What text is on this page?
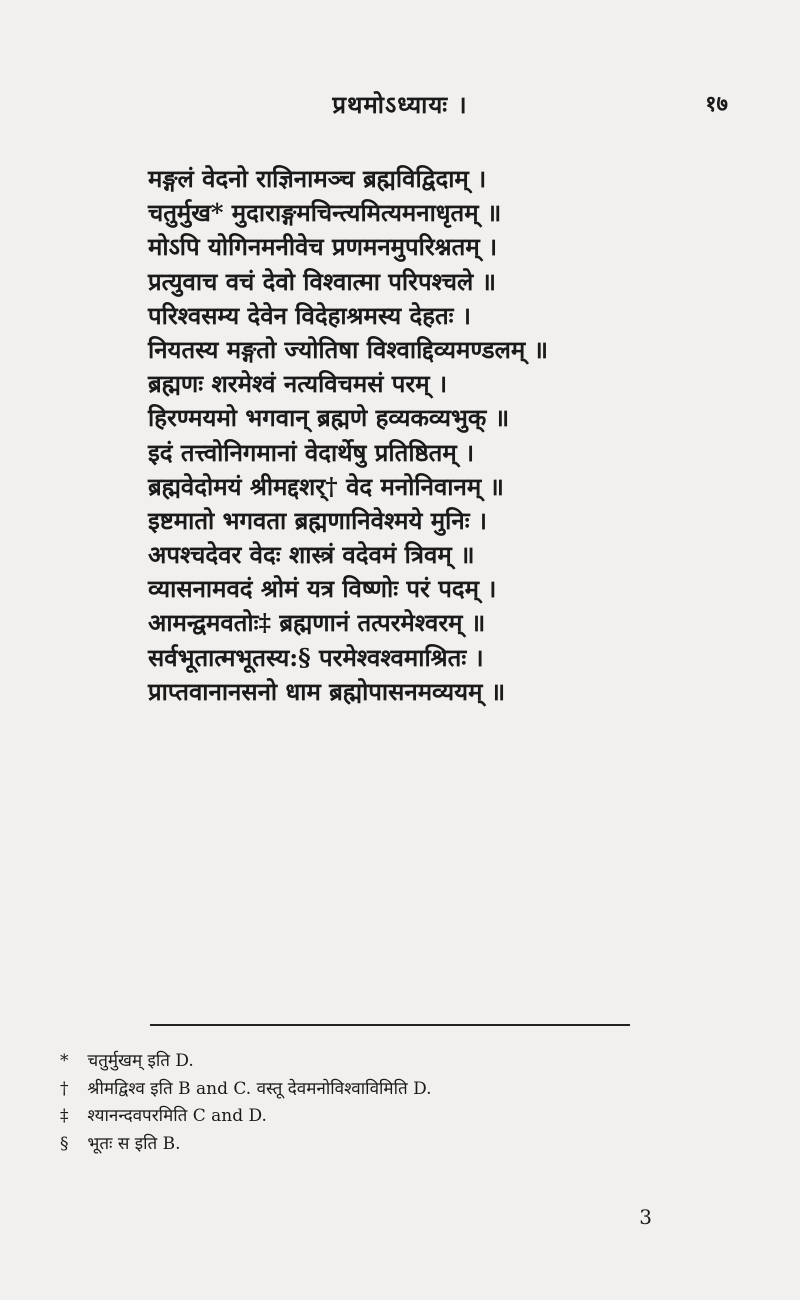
प्रथमोऽध्यायः ।	१७
मङ्गलं वेदनो राज्ञिनामञ्च ब्रह्मविद्विदाम् ।
चतुर्मुख* मुदाराङ्गमचिन्त्यमित्यमनाधृतम् ॥
मोऽपि योगिनमनीवेच प्रणमनमुपरिश्नतम् ।
प्रत्युवाच वचं देवो विश्वात्मा परिपश्चले ॥
परिश्वसम्य देवेन विदेहाश्रमस्य देहतः ।
नियतस्य मङ्गतो ज्योतिषा विश्वाद्दिव्यमण्डलम् ॥
ब्रह्मणः शरमेश्वं नत्यविचमसं परम् ।
हिरण्मयमो भगवान् ब्रह्मणे हव्यकव्यभुक् ॥
इदं तत्त्वोनिगमानां वेदार्थेषु प्रतिष्ठितम् ।
ब्रह्मवेदोमयं श्रीमद्दशर्† वेद मनोनिवानम् ॥
इष्टमातो भगवता ब्रह्मणानिवेश्मये मुनिः ।
अपश्चदेवर वेदः शास्त्रं वदेवमं त्रिवम् ॥
व्यासनामवदं श्रोमं यत्र विष्णोः परं पदम् ।
आमन्द्वमवतोः‡ ब्रह्मणानं तत्परमेश्वरम् ॥
सर्वभूतात्मभूतस्य:§ परमेश्वश्वमाश्रितः ।
प्राप्तवानानसनो धाम ब्रह्मोपासनमव्ययम् ॥
* चतुर्मुखम् इति D.
† श्रीमद्विश्व इति B and C. वस्तू देवमनोविश्वाविमिति D.
‡ श्यानन्दवपरमिति C and D.
§ भूतः स इति B.
3
